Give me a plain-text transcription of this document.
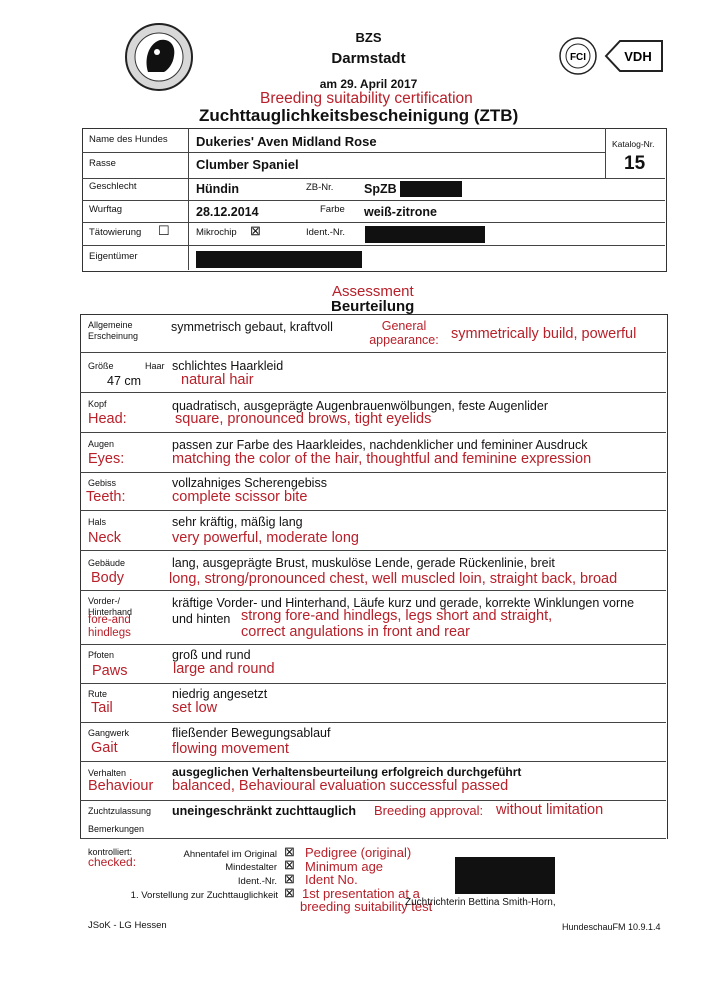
FCI	VDH
BZS
Darmstadt
am 29. April 2017
Breeding suitability certification
Zuchttauglichkeitsbescheinigung (ZTB)
Name des Hundes Dukeries' Aven Midland Rose	Katalog-Nr.
15
Rasse	Clumber Spaniel
Geschlecht	Hündin	ZB-Nr. SpZB
Wurftag	28.12.2014	Farbe weiß-zitrone
Tätowierung ☐	Mikrochip ⊠	Ident.-Nr.
Eigentümer
Assessment
Beurteilung
Allgemeine Erscheinung
symmetrisch gebaut, kraftvoll	General appearance: symmetrically build, powerful
Größe	Haar
47 cm
schlichtes Haarkleid
natural hair
Kopf
Head:
quadratisch, ausgeprägte Augenbrauenwölbungen, feste Augenlider
square, pronounced brows, tight eyelids
Augen
Eyes:
passen zur Farbe des Haarkleides, nachdenklicher und femininer Ausdruck
matching the color of the hair, thoughtful and feminine expression
Gebiss
Teeth:
vollzahniges Scherengebiss
complete scissor bite
Hals
Neck
sehr kräftig, mäßig lang
very powerful, moderate long
Gebäude
Body
lang, ausgeprägte Brust, muskulöse Lende, gerade Rückenlinie, breit
long, strong/pronounced chest, well muscled loin, straight back, broad
Vorder-/ Hinterhand
fore-and hindlegs
kräftige Vorder- und Hinterhand, Läufe kurz und gerade, korrekte Winklungen vorne
und hinten strong fore-and hindlegs, legs short and straight,
correct angulations in front and rear
Pfoten
Paws
groß und rund
large and round
Rute
Tail
niedrig angesetzt
set low
Gangwerk
Gait
fließender Bewegungsablauf
flowing movement
Verhalten
Behaviour
ausgeglichen Verhaltensbeurteilung erfolgreich durchgeführt
balanced, Behavioural evaluation successful passed
Zuchtzulassung uneingeschränkt zuchttauglich Breeding approval: without limitation
Bemerkungen
kontrolliert:
checked:
Ahnentafel im Original ⊠ Pedigree (original)
Mindestalter ⊠ Minimum age
Ident.-Nr. ⊠ Ident No.
1. Vorstellung zur Zuchttauglichkeit ⊠ 1st presentation at a
breeding suitability test
Zuchtrichterin Bettina Smith-Horn,
JSoK - LG Hessen	HundeschauFM 10.9.1.4
